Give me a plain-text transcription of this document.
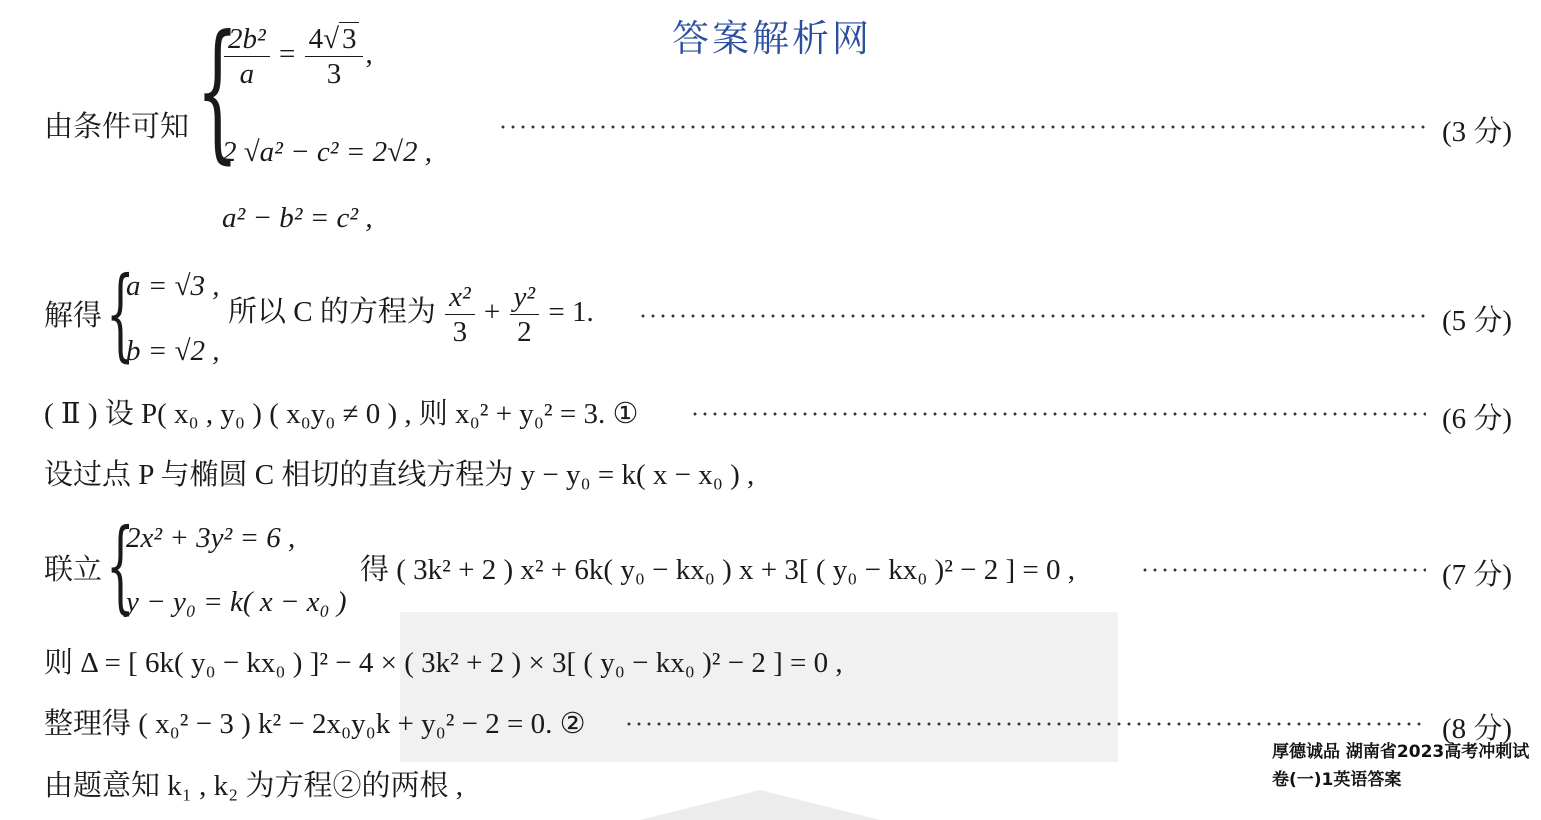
答案解析网
由条件可知 {
$\frac{\text{2b²}}{a} = \frac{4√ 3}{3}$ ,
2 √a² − c² = 2√2 ,
a² − b² = c² ,
(3 分)
解得 {
a = √3 ,
b = √2 ,
所以 C 的方程为 $\frac{\text{x²}}{3} + \frac{\text{y²}}{2} = 1$.	(5 分)
( Ⅱ ) 设 P( x₀ , y₀ ) ( x₀y₀ ≠ 0 ) , 则 x₀² + y₀² = 3. ①	(6 分)
设过点 P 与椭圆 C 相切的直线方程为 y − y₀ = k( x − x₀ ) ,
联立 {
2x² + 3y² = 6 ,
y − y₀ = k( x − x₀ )
得 ( 3k² + 2 ) x² + 6k( y₀ − kx₀ ) x + 3[ ( y₀ − kx₀ )² − 2 ] = 0 ,	(7 分)
则 Δ = [ 6k( y₀ − kx₀ ) ]² − 4 × ( 3k² + 2 ) × 3[ ( y₀ − kx₀ )² − 2 ] = 0 ,
整理得 ( x₀² − 3 ) k² − 2x₀y₀k + y₀² − 2 = 0. ②	(8 分)
由题意知 k₁ , k₂ 为方程②的两根 ,
厚德诚品 湖南省2023高考冲刺试卷(一)1英语答案
